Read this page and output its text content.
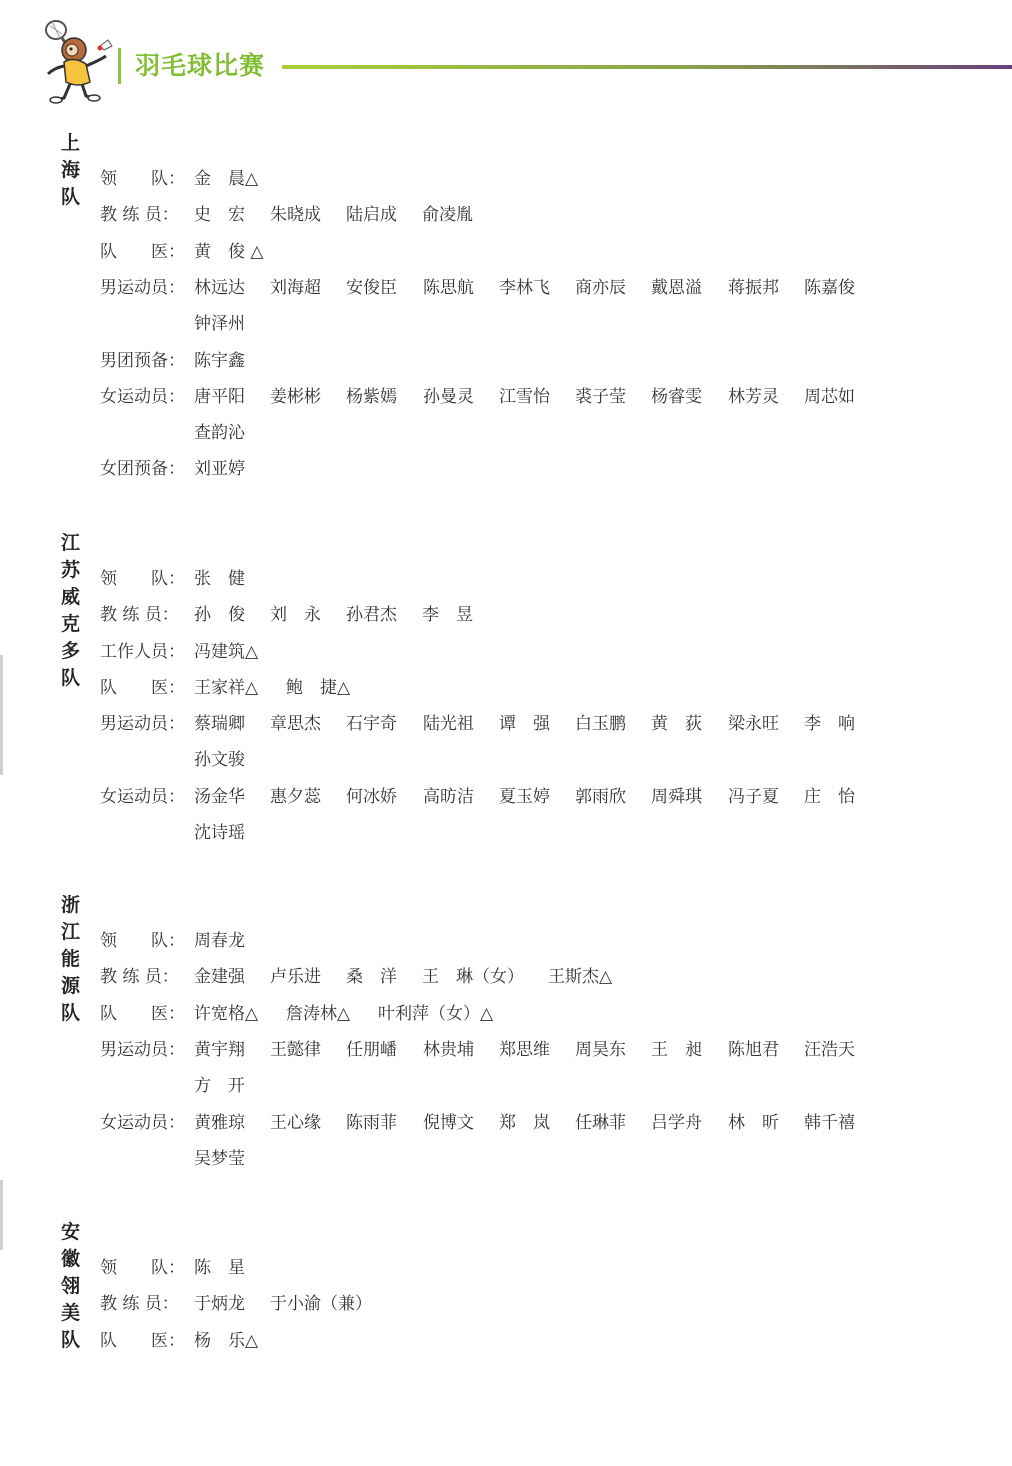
羽毛球比赛
上海队
领　　队： 金　晨△
教 练 员： 史　宏 朱晓成 陆启成 俞凌胤
队　　医： 黄　俊 △
男运动员： 林远达 刘海超 安俊臣 陈思航 李林飞 商亦辰 戴恩溢 蒋振邦 陈嘉俊
钟泽州
男团预备： 陈宇鑫
女运动员： 唐平阳 姜彬彬 杨紫嫣 孙曼灵 江雪怡 裘子莹 杨睿雯 林芳灵 周芯如
查韵沁
女团预备： 刘亚婷
江苏威克多队
领　　队： 张　健
教 练 员： 孙　俊 刘　永 孙君杰 李　昱
工作人员： 冯建筑△
队　　医： 王家祥△ 鲍　捷△
男运动员： 蔡瑞卿 章思杰 石宇奇 陆光祖 谭　强 白玉鹏 黄　荻 梁永旺 李　响
孙文骏
女运动员： 汤金华 惠夕蕊 何冰娇 高昉洁 夏玉婷 郭雨欣 周舜琪 冯子夏 庄　怡
沈诗瑶
浙江能源队
领　　队： 周春龙
教 练 员： 金建强 卢乐进 桑　洋 王　琳（女） 王斯杰△
队　　医： 许宽格△ 詹涛林△ 叶利萍（女）△
男运动员： 黄宇翔 王懿律 任朋嶓 林贵埔 郑思维 周昊东 王　昶 陈旭君 汪浩天
方　开
女运动员： 黄雅琼 王心缘 陈雨菲 倪博文 郑　岚 任琳菲 吕学舟 林　昕 韩千禧
吴梦莹
安徽翎美队
领　　队： 陈　星
教 练 员： 于炳龙 于小渝（兼）
队　　医： 杨　乐△
